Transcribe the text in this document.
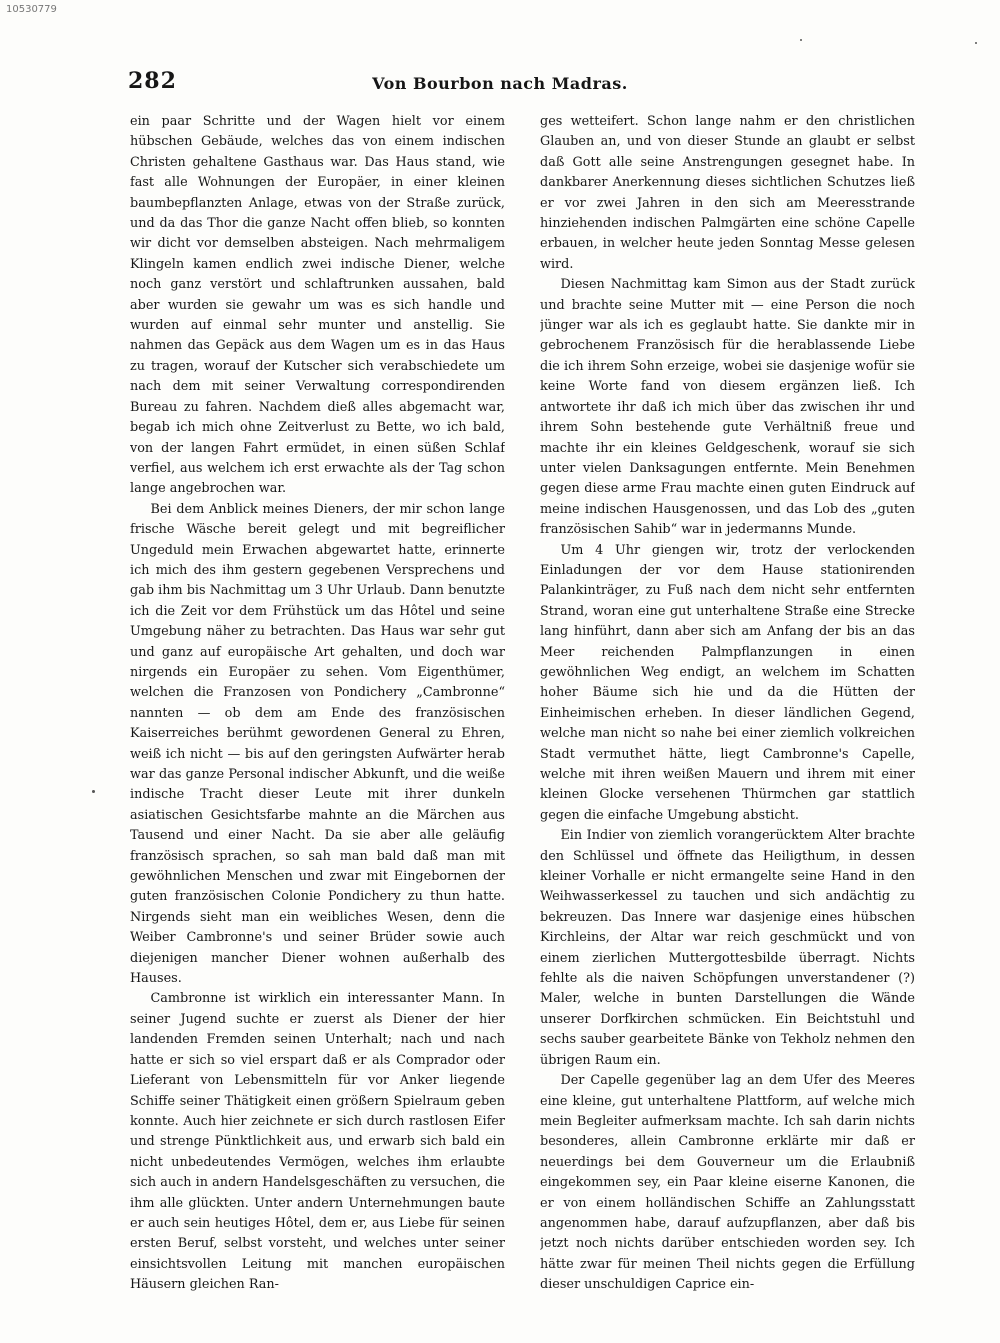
10530779
282	Von Bourbon nach Madras.

ein paar Schritte und der Wagen hielt vor einem hübschen Gebäude, welches das von einem indischen Christen gehaltene Gasthaus war. Das Haus stand, wie fast alle Wohnungen der Europäer, in einer kleinen baumbepflanzten Anlage, etwas von der Straße zurück, und da das Thor die ganze Nacht offen blieb, so konnten wir dicht vor demselben absteigen. Nach mehrmaligem Klingeln kamen endlich zwei indische Diener, welche noch ganz verstört und schlaftrunken aussahen, bald aber wurden sie gewahr um was es sich handle und wurden auf einmal sehr munter und anstellig. Sie nahmen das Gepäck aus dem Wagen um es in das Haus zu tragen, worauf der Kutscher sich verabschiedete um nach dem mit seiner Verwaltung correspondirenden Bureau zu fahren. Nachdem dieß alles abgemacht war, begab ich mich ohne Zeitverlust zu Bette, wo ich bald, von der langen Fahrt ermüdet, in einen süßen Schlaf verfiel, aus welchem ich erst erwachte als der Tag schon lange angebrochen war.

Bei dem Anblick meines Dieners, der mir schon lange frische Wäsche bereit gelegt und mit begreiflicher Ungeduld mein Erwachen abgewartet hatte, erinnerte ich mich des ihm gestern gegebenen Versprechens und gab ihm bis Nachmittag um 3 Uhr Urlaub. Dann benutzte ich die Zeit vor dem Frühstück um das Hôtel und seine Umgebung näher zu betrachten. Das Haus war sehr gut und ganz auf europäische Art gehalten, und doch war nirgends ein Europäer zu sehen. Vom Eigenthümer, welchen die Franzosen von Pondichery „Cambronne“ nannten — ob dem am Ende des französischen Kaiserreiches berühmt gewordenen General zu Ehren, weiß ich nicht — bis auf den geringsten Aufwärter herab war das ganze Personal indischer Abkunft, und die weiße indische Tracht dieser Leute mit ihrer dunkeln asiatischen Gesichtsfarbe mahnte an die Märchen aus Tausend und einer Nacht. Da sie aber alle geläufig französisch sprachen, so sah man bald daß man mit gewöhnlichen Menschen und zwar mit Eingebornen der guten französischen Colonie Pondichery zu thun hatte. Nirgends sieht man ein weibliches Wesen, denn die Weiber Cambronne's und seiner Brüder sowie auch diejenigen mancher Diener wohnen außerhalb des Hauses.

Cambronne ist wirklich ein interessanter Mann. In seiner Jugend suchte er zuerst als Diener der hier landenden Fremden seinen Unterhalt; nach und nach hatte er sich so viel erspart daß er als Comprador oder Lieferant von Lebensmitteln für vor Anker liegende Schiffe seiner Thätigkeit einen größern Spielraum geben konnte. Auch hier zeichnete er sich durch rastlosen Eifer und strenge Pünktlichkeit aus, und erwarb sich bald ein nicht unbedeutendes Vermögen, welches ihm erlaubte sich auch in andern Handelsgeschäften zu versuchen, die ihm alle glückten. Unter andern Unternehmungen baute er auch sein heutiges Hôtel, dem er, aus Liebe für seinen ersten Beruf, selbst vorsteht, und welches unter seiner einsichtsvollen Leitung mit manchen europäischen Häusern gleichen Ran-

ges wetteifert. Schon lange nahm er den christlichen Glauben an, und von dieser Stunde an glaubt er selbst daß Gott alle seine Anstrengungen gesegnet habe. In dankbarer Anerkennung dieses sichtlichen Schutzes ließ er vor zwei Jahren in den sich am Meeresstrande hinziehenden indischen Palmgärten eine schöne Capelle erbauen, in welcher heute jeden Sonntag Messe gelesen wird.

Diesen Nachmittag kam Simon aus der Stadt zurück und brachte seine Mutter mit — eine Person die noch jünger war als ich es geglaubt hatte. Sie dankte mir in gebrochenem Französisch für die herablassende Liebe die ich ihrem Sohn erzeige, wobei sie dasjenige wofür sie keine Worte fand von diesem ergänzen ließ. Ich antwortete ihr daß ich mich über das zwischen ihr und ihrem Sohn bestehende gute Verhältniß freue und machte ihr ein kleines Geldgeschenk, worauf sie sich unter vielen Danksagungen entfernte. Mein Benehmen gegen diese arme Frau machte einen guten Eindruck auf meine indischen Hausgenossen, und das Lob des „guten französischen Sahib“ war in jedermanns Munde.

Um 4 Uhr giengen wir, trotz der verlockenden Einladungen der vor dem Hause stationirenden Palankinträger, zu Fuß nach dem nicht sehr entfernten Strand, woran eine gut unterhaltene Straße eine Strecke lang hinführt, dann aber sich am Anfang der bis an das Meer reichenden Palmpflanzungen in einen gewöhnlichen Weg endigt, an welchem im Schatten hoher Bäume sich hie und da die Hütten der Einheimischen erheben. In dieser ländlichen Gegend, welche man nicht so nahe bei einer ziemlich volkreichen Stadt vermuthet hätte, liegt Cambronne's Capelle, welche mit ihren weißen Mauern und ihrem mit einer kleinen Glocke versehenen Thürmchen gar stattlich gegen die einfache Umgebung absticht.

Ein Indier von ziemlich vorangerücktem Alter brachte den Schlüssel und öffnete das Heiligthum, in dessen kleiner Vorhalle er nicht ermangelte seine Hand in den Weihwasserkessel zu tauchen und sich andächtig zu bekreuzen. Das Innere war dasjenige eines hübschen Kirchleins, der Altar war reich geschmückt und von einem zierlichen Muttergottesbilde überragt. Nichts fehlte als die naiven Schöpfungen unverstandener (?) Maler, welche in bunten Darstellungen die Wände unserer Dorfkirchen schmücken. Ein Beichtstuhl und sechs sauber gearbeitete Bänke von Tekholz nehmen den übrigen Raum ein.

Der Capelle gegenüber lag an dem Ufer des Meeres eine kleine, gut unterhaltene Plattform, auf welche mich mein Begleiter aufmerksam machte. Ich sah darin nichts besonderes, allein Cambronne erklärte mir daß er neuerdings bei dem Gouverneur um die Erlaubniß eingekommen sey, ein Paar kleine eiserne Kanonen, die er von einem holländischen Schiffe an Zahlungsstatt angenommen habe, darauf aufzupflanzen, aber daß bis jetzt noch nichts darüber entschieden worden sey. Ich hätte zwar für meinen Theil nichts gegen die Erfüllung dieser unschuldigen Caprice ein-
